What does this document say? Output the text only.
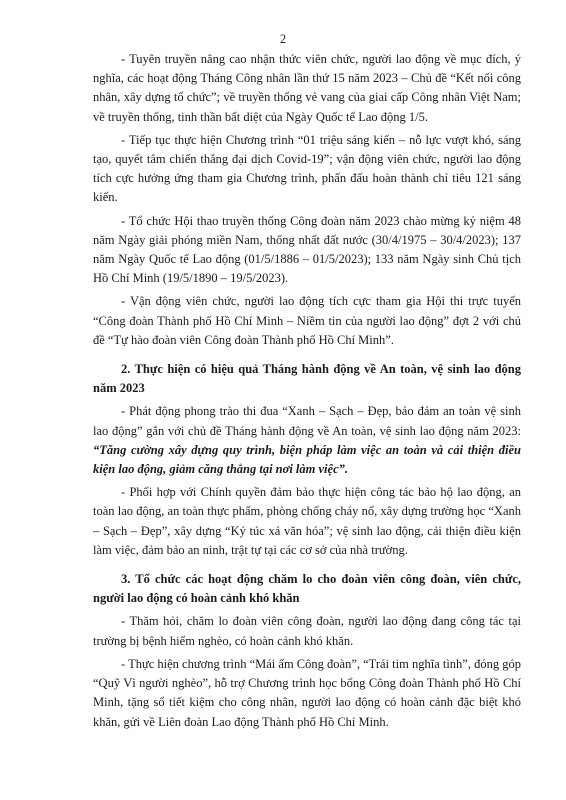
2

- Tuyên truyền nâng cao nhận thức viên chức, người lao động về mục đích, ý nghĩa, các hoạt động Tháng Công nhân lần thứ 15 năm 2023 – Chủ đề “Kết nối công nhân, xây dựng tổ chức”; về truyền thống vẻ vang của giai cấp Công nhân Việt Nam; về truyền thống, tinh thần bất diệt của Ngày Quốc tế Lao động 1/5.

- Tiếp tục thực hiện Chương trình “01 triệu sáng kiến – nỗ lực vượt khó, sáng tạo, quyết tâm chiến thắng đại dịch Covid-19”; vận động viên chức, người lao động tích cực hưởng ứng tham gia Chương trình, phấn đấu hoàn thành chỉ tiêu 121 sáng kiến.

- Tổ chức Hội thao truyền thống Công đoàn năm 2023 chào mừng kỷ niệm 48 năm Ngày giải phóng miền Nam, thống nhất đất nước (30/4/1975 – 30/4/2023); 137 năm Ngày Quốc tế Lao động (01/5/1886 – 01/5/2023); 133 năm Ngày sinh Chủ tịch Hồ Chí Minh (19/5/1890 – 19/5/2023).

- Vận động viên chức, người lao động tích cực tham gia Hội thi trực tuyến “Công đoàn Thành phố Hồ Chí Minh – Niềm tin của người lao động” đợt 2 với chủ đề “Tự hào đoàn viên Công đoàn Thành phố Hồ Chí Minh”.

2. Thực hiện có hiệu quả Tháng hành động về An toàn, vệ sinh lao động năm 2023

- Phát động phong trào thi đua “Xanh – Sạch – Đẹp, bảo đảm an toàn vệ sinh lao động” gắn với chủ đề Tháng hành động về An toàn, vệ sinh lao động năm 2023: “Tăng cường xây dựng quy trình, biện pháp làm việc an toàn và cải thiện điều kiện lao động, giảm căng thẳng tại nơi làm việc”.

- Phối hợp với Chính quyền đảm bảo thực hiện công tác bảo hộ lao động, an toàn lao động, an toàn thực phẩm, phòng chống cháy nổ, xây dựng trường học “Xanh – Sạch – Đẹp”, xây dựng “Ký túc xá văn hóa”; vệ sinh lao động, cải thiện điều kiện làm việc, đảm bảo an ninh, trật tự tại các cơ sở của nhà trường.

3. Tổ chức các hoạt động chăm lo cho đoàn viên công đoàn, viên chức, người lao động có hoàn cảnh khó khăn

- Thăm hỏi, chăm lo đoàn viên công đoàn, người lao động đang công tác tại trường bị bệnh hiểm nghèo, có hoàn cảnh khó khăn.

- Thực hiện chương trình “Mái ấm Công đoàn”, “Trái tim nghĩa tình”, đóng góp “Quỹ Vì người nghèo”, hỗ trợ Chương trình học bổng Công đoàn Thành phố Hồ Chí Minh, tặng sổ tiết kiệm cho công nhân, người lao động có hoàn cảnh đặc biệt khó khăn, gửi về Liên đoàn Lao động Thành phố Hồ Chí Minh.
